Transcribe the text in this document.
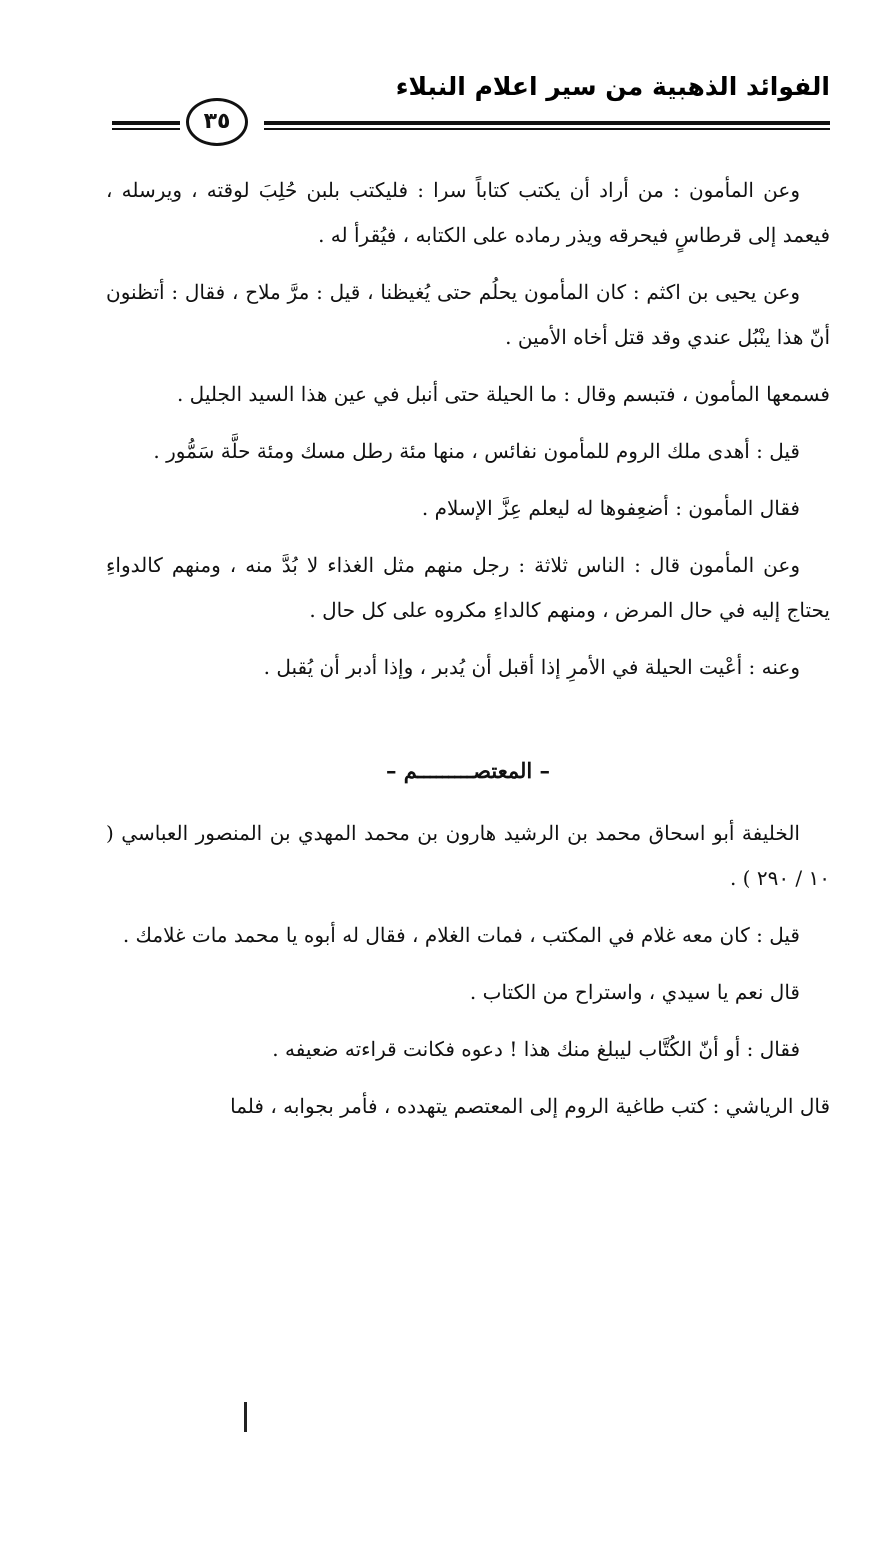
الفوائد الذهبية من سير اعلام النبلاء
٣٥

وعن المأمون : من أراد أن يكتب كتاباً سرا : فليكتب بلبن حُلِبَ لوقته ، ويرسله ، فيعمد إلى قرطاسٍ فيحرقه ويذر رماده على الكتابه ، فيُقرأ له .

وعن يحيى بن اكثم : كان المأمون يحلُم حتى يُغيظنا ، قيل : مرَّ ملاح ، فقال : أتظنون أنّ هذا ينْبُل عندي وقد قتل أخاه الأمين .

فسمعها المأمون ، فتبسم وقال : ما الحيلة حتى أنبل في عين هذا السيد الجليل .

قيل : أهدى ملك الروم للمأمون نفائس ، منها مئة رطل مسك ومئة حلَّة سَمُّور .

فقال المأمون : أضعِفوها له ليعلم عِزَّ الإسلام .

وعن المأمون قال : الناس ثلاثة : رجل منهم مثل الغذاء لا بُدَّ منه ، ومنهم كالدواءِ يحتاج إليه في حال المرض ، ومنهم كالداءِ مكروه على كل حال .

وعنه : أعْيت الحيلة في الأمرِ إذا أقبل أن يُدبر ، وإذا أدبر أن يُقبل .

– المعتصـــــــــم –

الخليفة أبو اسحاق محمد بن الرشيد هارون بن محمد المهدي بن المنصور العباسي ( ١٠ / ٢٩٠ ) .

قيل : كان معه غلام في المكتب ، فمات الغلام ، فقال له أبوه يا محمد مات غلامك .

قال نعم يا سيدي ، واستراح من الكتاب .

فقال : أو أنّ الكُتَّاب ليبلغ منك هذا ! دعوه فكانت قراءته ضعيفه .

قال الرياشي : كتب طاغية الروم إلى المعتصم يتهدده ، فأمر بجوابه ، فلما
